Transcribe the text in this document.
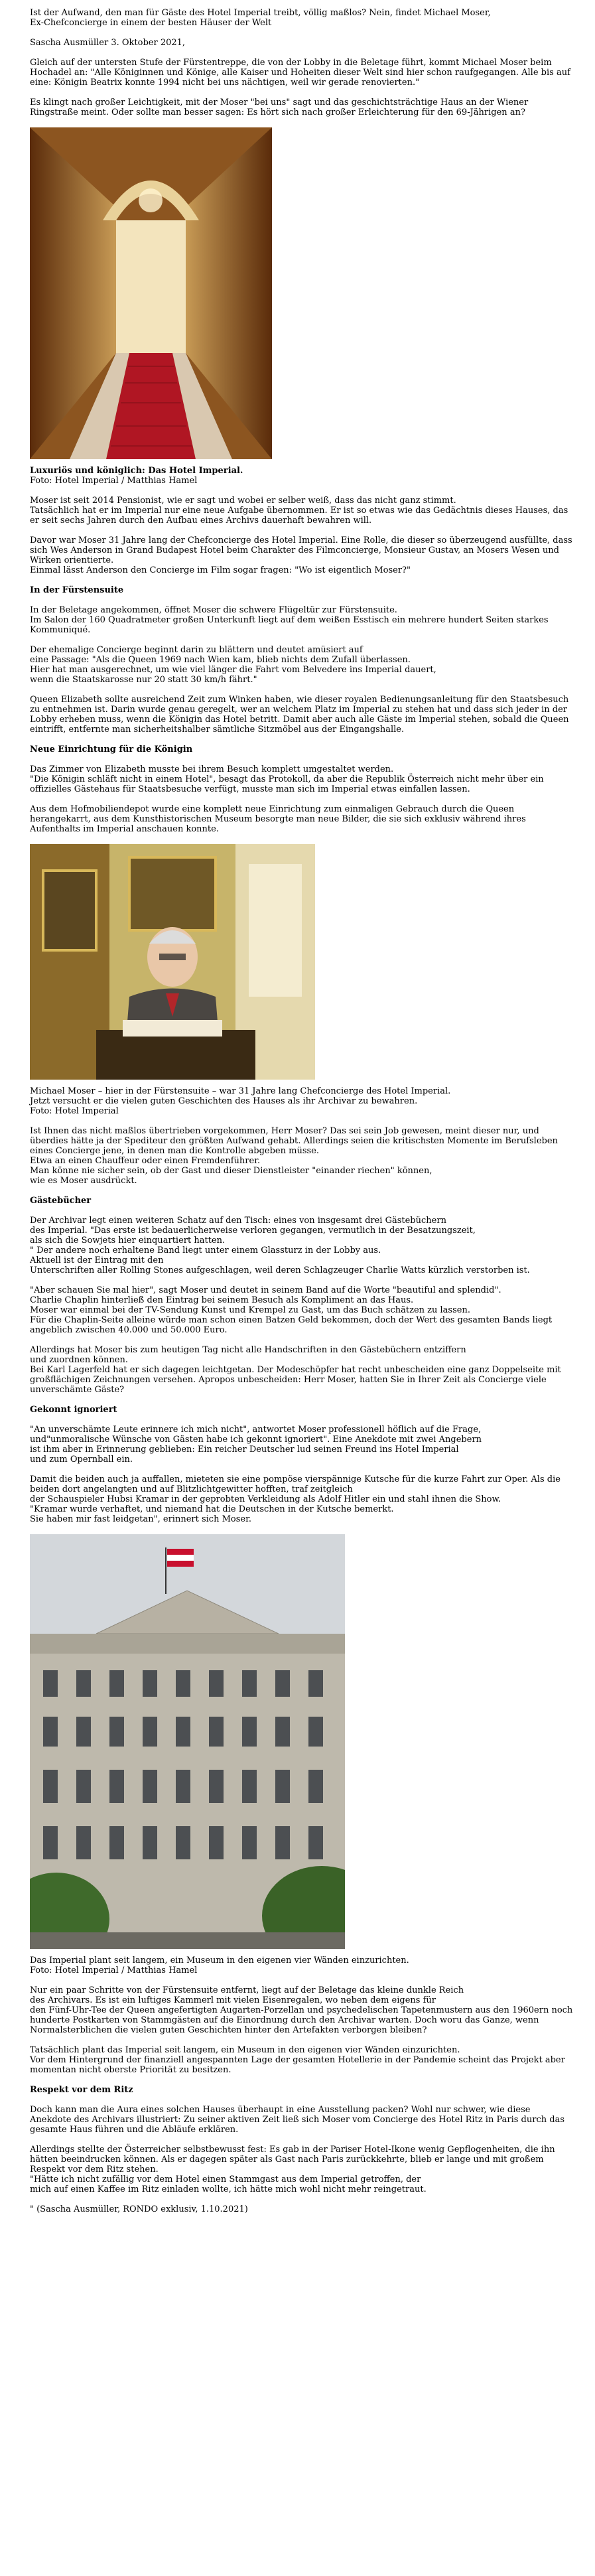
Ist der Aufwand, den man für Gäste des Hotel Imperial treibt, völlig maßlos? Nein, findet Michael Moser,
Ex-Chefconcierge in einem der besten Häuser der Welt

Sascha Ausmüller 3. Oktober 2021,

Gleich auf der untersten Stufe der Fürstentreppe, die von der Lobby in die Beletage führt, kommt Michael Moser beim Hochadel an: "Alle Königinnen und Könige, alle Kaiser und Hoheiten dieser Welt sind hier schon raufgegangen. Alle bis auf eine: Königin Beatrix konnte 1994 nicht bei uns nächtigen, weil wir gerade renovierten."

Es klingt nach großer Leichtigkeit, mit der Moser "bei uns" sagt und das geschichtsträchtige Haus an der Wiener Ringstraße meint. Oder sollte man besser sagen: Es hört sich nach großer Erleichterung für den 69-Jährigen an?

Luxuriös und königlich: Das Hotel Imperial.
Foto: Hotel Imperial / Matthias Hamel

Moser ist seit 2014 Pensionist, wie er sagt und wobei er selber weiß, dass das nicht ganz stimmt.
Tatsächlich hat er im Imperial nur eine neue Aufgabe übernommen. Er ist so etwas wie das Gedächtnis dieses Hauses, das er seit sechs Jahren durch den Aufbau eines Archivs dauerhaft bewahren will.

Davor war Moser 31 Jahre lang der Chefconcierge des Hotel Imperial. Eine Rolle, die dieser so überzeugend ausfüllte, dass sich Wes Anderson in Grand Budapest Hotel beim Charakter des Filmconcierge, Monsieur Gustav, an Mosers Wesen und Wirken orientierte.
Einmal lässt Anderson den Concierge im Film sogar fragen: "Wo ist eigentlich Moser?"

In der Fürstensuite

In der Beletage angekommen, öffnet Moser die schwere Flügeltür zur Fürstensuite.
Im Salon der 160 Quadratmeter großen Unterkunft liegt auf dem weißen Esstisch ein mehrere hundert Seiten starkes Kommuniqué.

Der ehemalige Concierge beginnt darin zu blättern und deutet amüsiert auf
eine Passage: "Als die Queen 1969 nach Wien kam, blieb nichts dem Zufall überlassen.
Hier hat man ausgerechnet, um wie viel länger die Fahrt vom Belvedere ins Imperial dauert,
wenn die Staatskarosse nur 20 statt 30 km/h fährt."

Queen Elizabeth sollte ausreichend Zeit zum Winken haben, wie dieser royalen Bedienungsanleitung für den Staatsbesuch zu entnehmen ist. Darin wurde genau geregelt, wer an welchem Platz im Imperial zu stehen hat und dass sich jeder in der Lobby erheben muss, wenn die Königin das Hotel betritt. Damit aber auch alle Gäste im Imperial stehen, sobald die Queen eintrifft, entfernte man sicherheitshalber sämtliche Sitzmöbel aus der Eingangshalle.

Neue Einrichtung für die Königin

Das Zimmer von Elizabeth musste bei ihrem Besuch komplett umgestaltet werden.
"Die Königin schläft nicht in einem Hotel", besagt das Protokoll, da aber die Republik Österreich nicht mehr über ein offizielles Gästehaus für Staatsbesuche verfügt, musste man sich im Imperial etwas einfallen lassen.

Aus dem Hofmobiliendepot wurde eine komplett neue Einrichtung zum einmaligen Gebrauch durch die Queen herangekarrt, aus dem Kunsthistorischen Museum besorgte man neue Bilder, die sie sich exklusiv während ihres Aufenthalts im Imperial anschauen konnte.

Michael Moser – hier in der Fürstensuite – war 31 Jahre lang Chefconcierge des Hotel Imperial.
Jetzt versucht er die vielen guten Geschichten des Hauses als ihr Archivar zu bewahren.
Foto: Hotel Imperial

Ist Ihnen das nicht maßlos übertrieben vorgekommen, Herr Moser? Das sei sein Job gewesen, meint dieser nur, und überdies hätte ja der Spediteur den größten Aufwand gehabt. Allerdings seien die kritischsten Momente im Berufsleben eines Concierge jene, in denen man die Kontrolle abgeben müsse.
Etwa an einen Chauffeur oder einen Fremdenführer.
Man könne nie sicher sein, ob der Gast und dieser Dienstleister "einander riechen" können,
wie es Moser ausdrückt.

Gästebücher

Der Archivar legt einen weiteren Schatz auf den Tisch: eines von insgesamt drei Gästebüchern
des Imperial. "Das erste ist bedauerlicherweise verloren gegangen, vermutlich in der Besatzungszeit,
als sich die Sowjets hier einquartiert hatten.
" Der andere noch erhaltene Band liegt unter einem Glassturz in der Lobby aus.
Aktuell ist der Eintrag mit den
Unterschriften aller Rolling Stones aufgeschlagen, weil deren Schlagzeuger Charlie Watts kürzlich verstorben ist.

"Aber schauen Sie mal hier", sagt Moser und deutet in seinem Band auf die Worte "beautiful and splendid".
Charlie Chaplin hinterließ den Eintrag bei seinem Besuch als Kompliment an das Haus.
Moser war einmal bei der TV-Sendung Kunst und Krempel zu Gast, um das Buch schätzen zu lassen.
Für die Chaplin-Seite alleine würde man schon einen Batzen Geld bekommen, doch der Wert des gesamten Bands liegt angeblich zwischen 40.000 und 50.000 Euro.

Allerdings hat Moser bis zum heutigen Tag nicht alle Handschriften in den Gästebüchern entziffern
und zuordnen können.
Bei Karl Lagerfeld hat er sich dagegen leichtgetan. Der Modeschöpfer hat recht unbescheiden eine ganz Doppelseite mit großflächigen Zeichnungen versehen. Apropos unbescheiden: Herr Moser, hatten Sie in Ihrer Zeit als Concierge viele unverschämte Gäste?

Gekonnt ignoriert

"An unverschämte Leute erinnere ich mich nicht", antwortet Moser professionell höflich auf die Frage,
und"unmoralische Wünsche von Gästen habe ich gekonnt ignoriert". Eine Anekdote mit zwei Angebern
ist ihm aber in Erinnerung geblieben: Ein reicher Deutscher lud seinen Freund ins Hotel Imperial
und zum Opernball ein.

Damit die beiden auch ja auffallen, mieteten sie eine pompöse vierspännige Kutsche für die kurze Fahrt zur Oper. Als die beiden dort angelangten und auf Blitzlichtgewitter hofften, traf zeitgleich
der Schauspieler Hubsi Kramar in der geprobten Verkleidung als Adolf Hitler ein und stahl ihnen die Show.
"Kramar wurde verhaftet, und niemand hat die Deutschen in der Kutsche bemerkt.
Sie haben mir fast leidgetan", erinnert sich Moser.

Das Imperial plant seit langem, ein Museum in den eigenen vier Wänden einzurichten.
Foto: Hotel Imperial / Matthias Hamel

Nur ein paar Schritte von der Fürstensuite entfernt, liegt auf der Beletage das kleine dunkle Reich
des Archivars. Es ist ein luftiges Kammerl mit vielen Eisenregalen, wo neben dem eigens für
den Fünf-Uhr-Tee der Queen angefertigten Augarten-Porzellan und psychedelischen Tapetenmustern aus den 1960ern noch hunderte Postkarten von Stammgästen auf die Einordnung durch den Archivar warten. Doch woru das Ganze, wenn Normalsterblichen die vielen guten Geschichten hinter den Artefakten verborgen bleiben?

Tatsächlich plant das Imperial seit langem, ein Museum in den eigenen vier Wänden einzurichten.
Vor dem Hintergrund der finanziell angespannten Lage der gesamten Hotellerie in der Pandemie scheint das Projekt aber momentan nicht oberste Priorität zu besitzen.

Respekt vor dem Ritz

Doch kann man die Aura eines solchen Hauses überhaupt in eine Ausstellung packen? Wohl nur schwer, wie diese Anekdote des Archivars illustriert: Zu seiner aktiven Zeit ließ sich Moser vom Concierge des Hotel Ritz in Paris durch das gesamte Haus führen und die Abläufe erklären.

Allerdings stellte der Österreicher selbstbewusst fest: Es gab in der Pariser Hotel-Ikone wenig Gepflogenheiten, die ihn hätten beeindrucken können. Als er dagegen später als Gast nach Paris zurückkehrte, blieb er lange und mit großem Respekt vor dem Ritz stehen.
"Hätte ich nicht zufällig vor dem Hotel einen Stammgast aus dem Imperial getroffen, der
mich auf einen Kaffee im Ritz einladen wollte, ich hätte mich wohl nicht mehr reingetraut.

" (Sascha Ausmüller, RONDO exklusiv, 1.10.2021)
